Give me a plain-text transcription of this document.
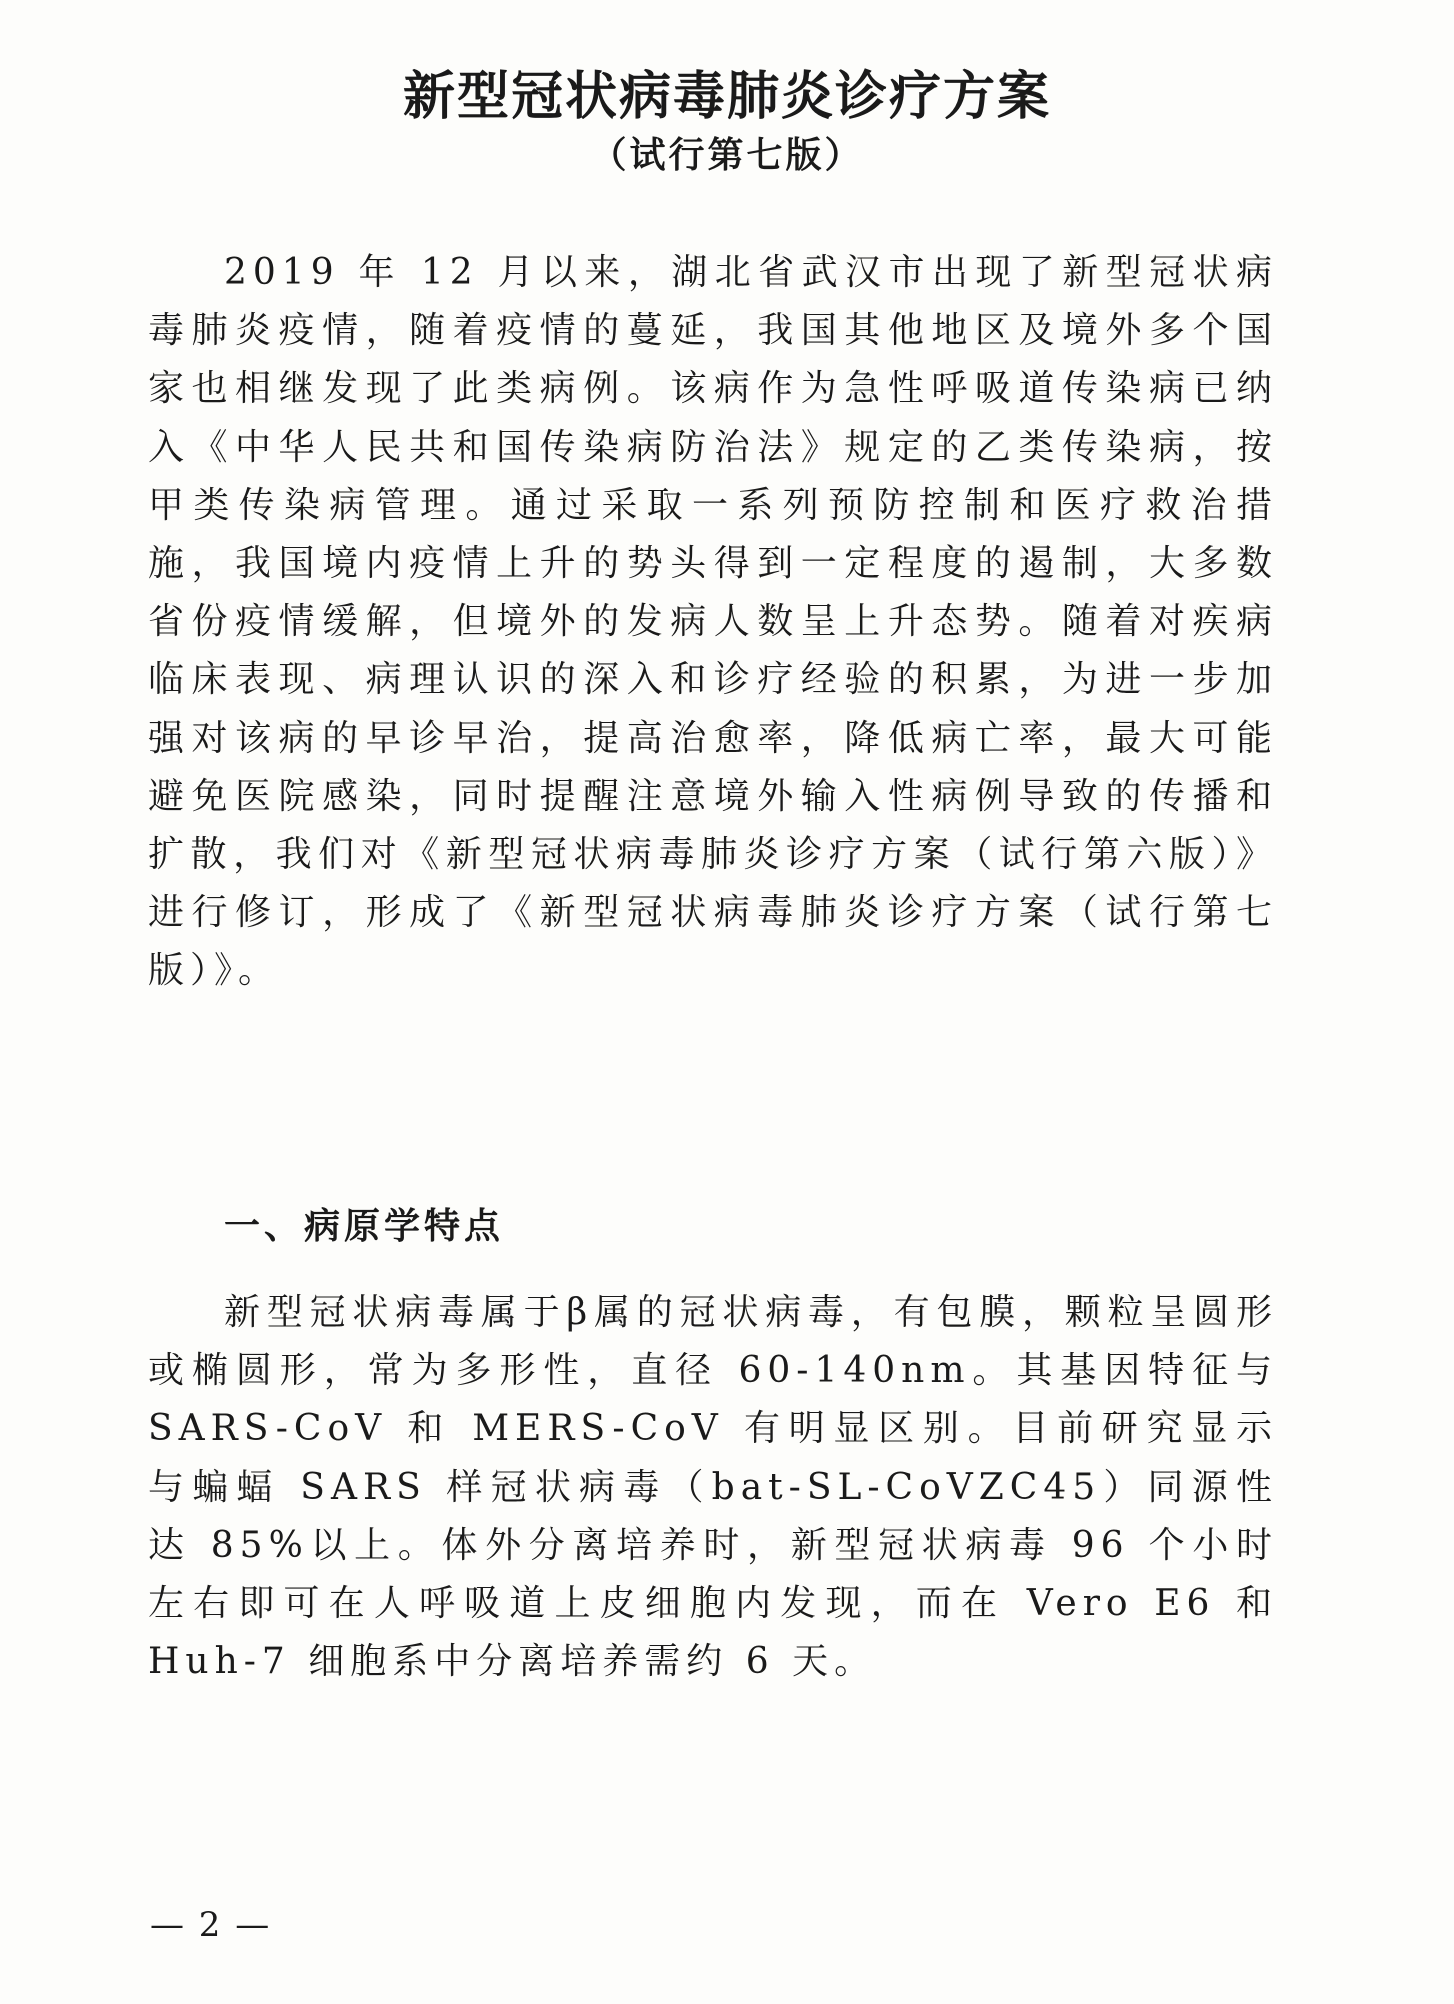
新型冠状病毒肺炎诊疗方案
（试行第七版）

2019 年 12 月以来，湖北省武汉市出现了新型冠状病毒肺炎疫情，随着疫情的蔓延，我国其他地区及境外多个国家也相继发现了此类病例。该病作为急性呼吸道传染病已纳入《中华人民共和国传染病防治法》规定的乙类传染病，按甲类传染病管理。通过采取一系列预防控制和医疗救治措施，我国境内疫情上升的势头得到一定程度的遏制，大多数省份疫情缓解，但境外的发病人数呈上升态势。随着对疾病临床表现、病理认识的深入和诊疗经验的积累，为进一步加强对该病的早诊早治，提高治愈率，降低病亡率，最大可能避免医院感染，同时提醒注意境外输入性病例导致的传播和扩散，我们对《新型冠状病毒肺炎诊疗方案（试行第六版）》进行修订，形成了《新型冠状病毒肺炎诊疗方案（试行第七版）》。

一、病原学特点

新型冠状病毒属于β属的冠状病毒，有包膜，颗粒呈圆形或椭圆形，常为多形性，直径 60-140nm。其基因特征与 SARS-CoV 和 MERS-CoV 有明显区别。目前研究显示与蝙蝠 SARS 样冠状病毒（bat-SL-CoVZC45）同源性达 85%以上。体外分离培养时，新型冠状病毒 96 个小时左右即可在人呼吸道上皮细胞内发现，而在 Vero E6 和 Huh-7 细胞系中分离培养需约 6 天。

— 2 —
